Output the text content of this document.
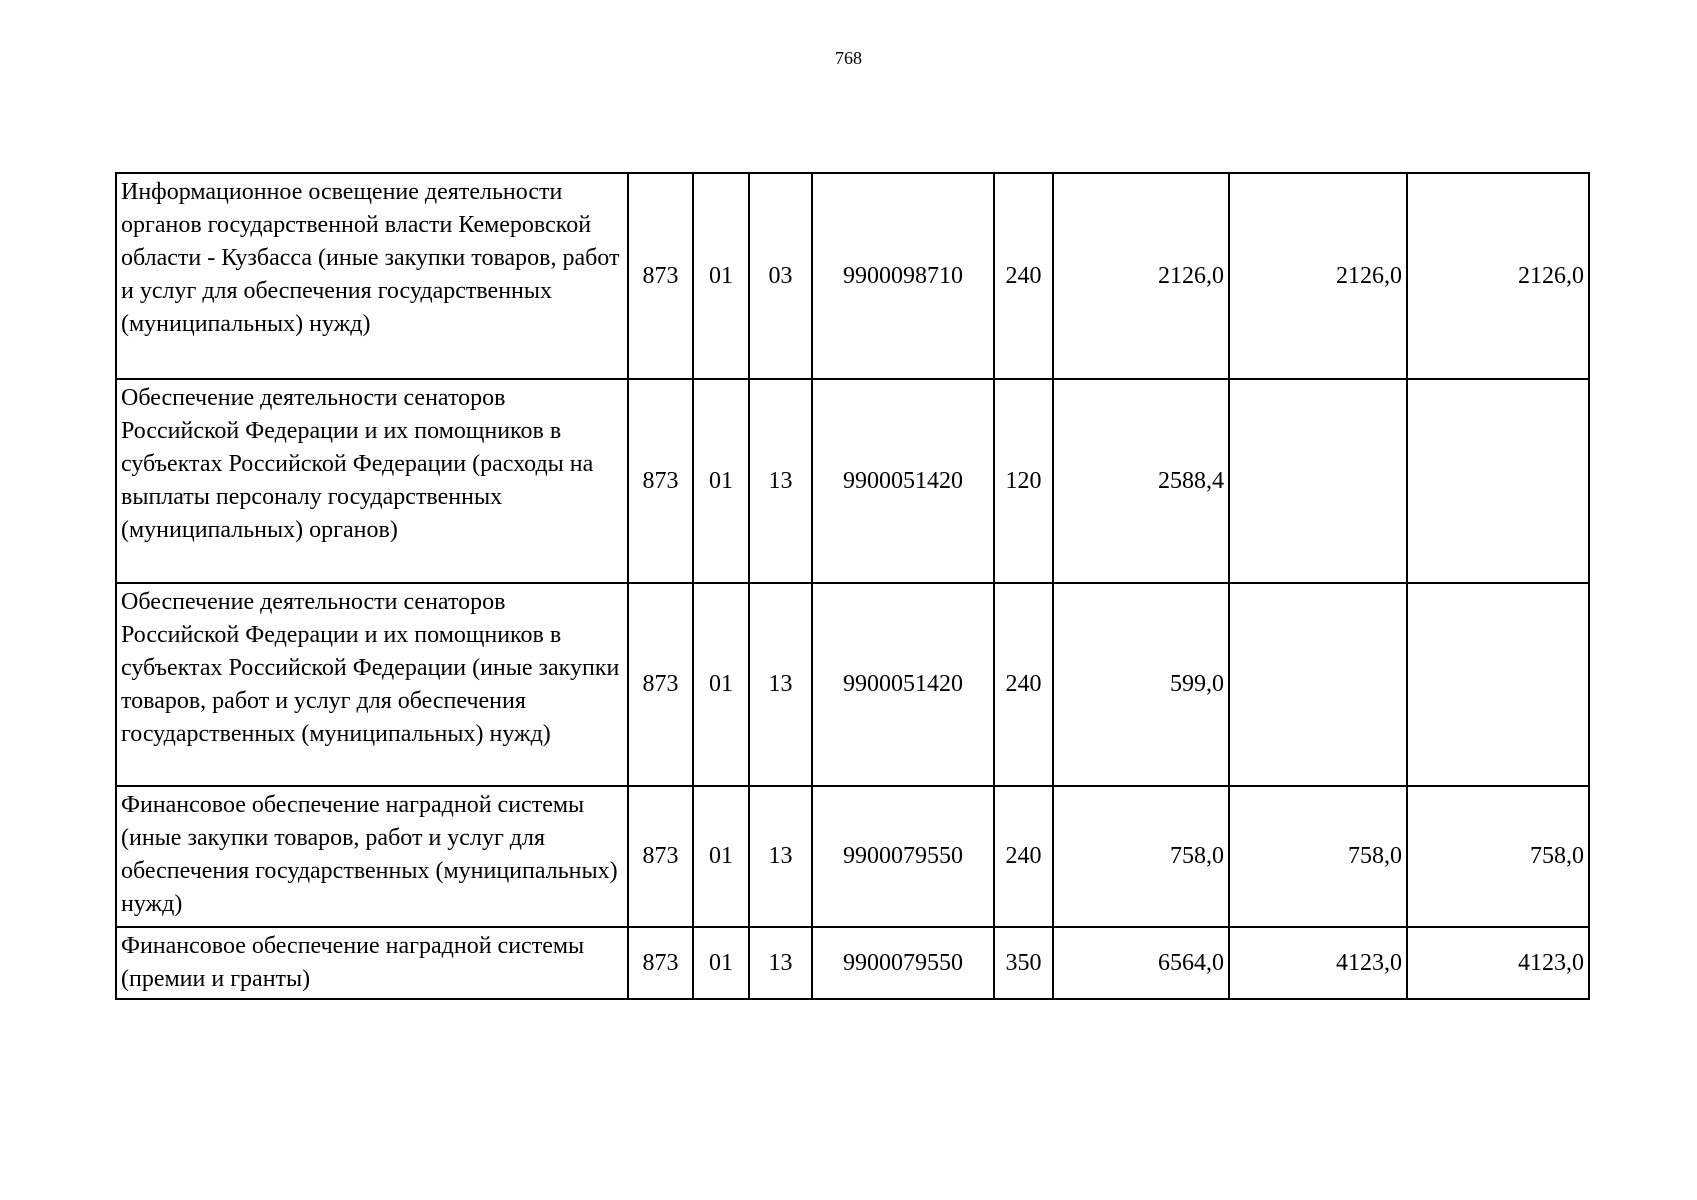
768
Информационное освещение деятельности органов государственной власти Кемеровской области - Кузбасса (иные закупки товаров, работ и услуг для обеспечения государственных (муниципальных) нужд)	873	01	03	9900098710	240	2126,0	2126,0	2126,0
Обеспечение деятельности сенаторов Российской Федерации и их помощников в субъектах Российской Федерации (расходы на выплаты персоналу государственных (муниципальных) органов)	873	01	13	9900051420	120	2588,4		
Обеспечение деятельности сенаторов Российской Федерации и их помощников в субъектах Российской Федерации (иные закупки товаров, работ и услуг для обеспечения государственных (муниципальных) нужд)	873	01	13	9900051420	240	599,0		
Финансовое обеспечение наградной системы (иные закупки товаров, работ и услуг для обеспечения государственных (муниципальных) нужд)	873	01	13	9900079550	240	758,0	758,0	758,0
Финансовое обеспечение наградной системы (премии и гранты)	873	01	13	9900079550	350	6564,0	4123,0	4123,0
